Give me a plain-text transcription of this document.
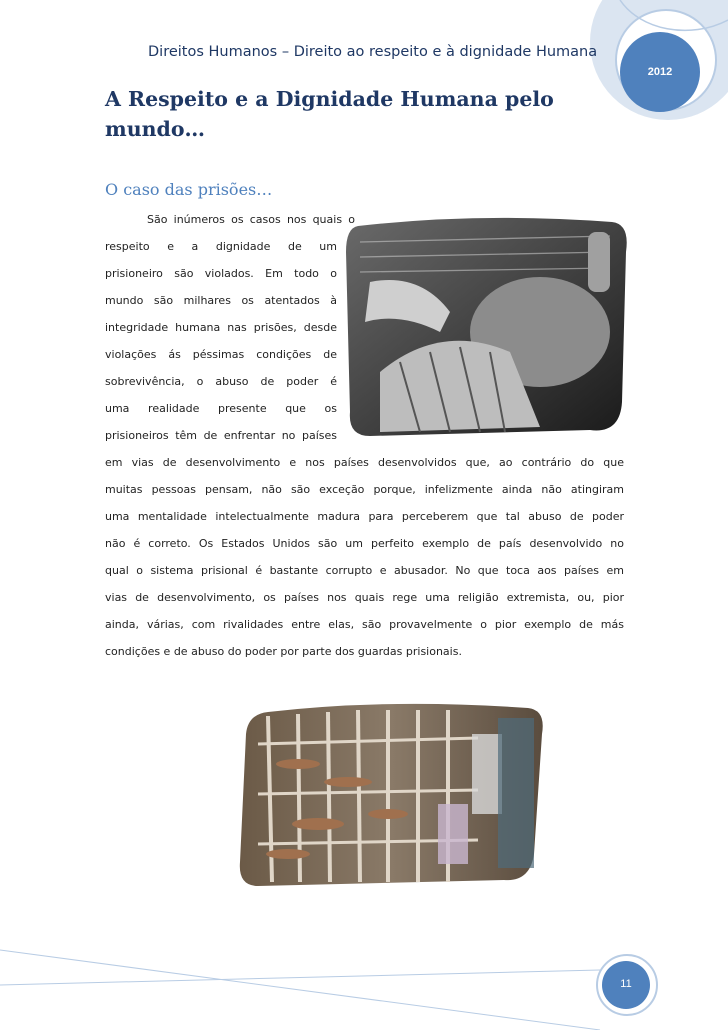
Direitos Humanos – Direito ao respeito e à dignidade Humana
2012
A Respeito e a Dignidade Humana pelo
mundo…
O caso das prisões…
São inúmeros os casos nos quais o
respeito e a dignidade de um
prisioneiro são violados. Em todo o
mundo são milhares os atentados à
integridade humana nas prisões, desde
violações ás péssimas condições de
sobrevivência, o abuso de poder é
uma realidade presente que os
prisioneiros têm de enfrentar no países
em vias de desenvolvimento e nos países desenvolvidos que, ao contrário do que
muitas pessoas pensam, não são exceção porque, infelizmente ainda não atingiram
uma mentalidade intelectualmente madura para perceberem que tal abuso de poder
não é correto. Os Estados Unidos são um perfeito exemplo de país desenvolvido no
qual o sistema prisional é bastante corrupto e abusador. No que toca aos países em
vias de desenvolvimento, os países nos quais rege uma religião extremista, ou, pior
ainda, várias, com rivalidades entre elas, são provavelmente o pior exemplo de más
condições e de abuso do poder por parte dos guardas prisionais.
11
